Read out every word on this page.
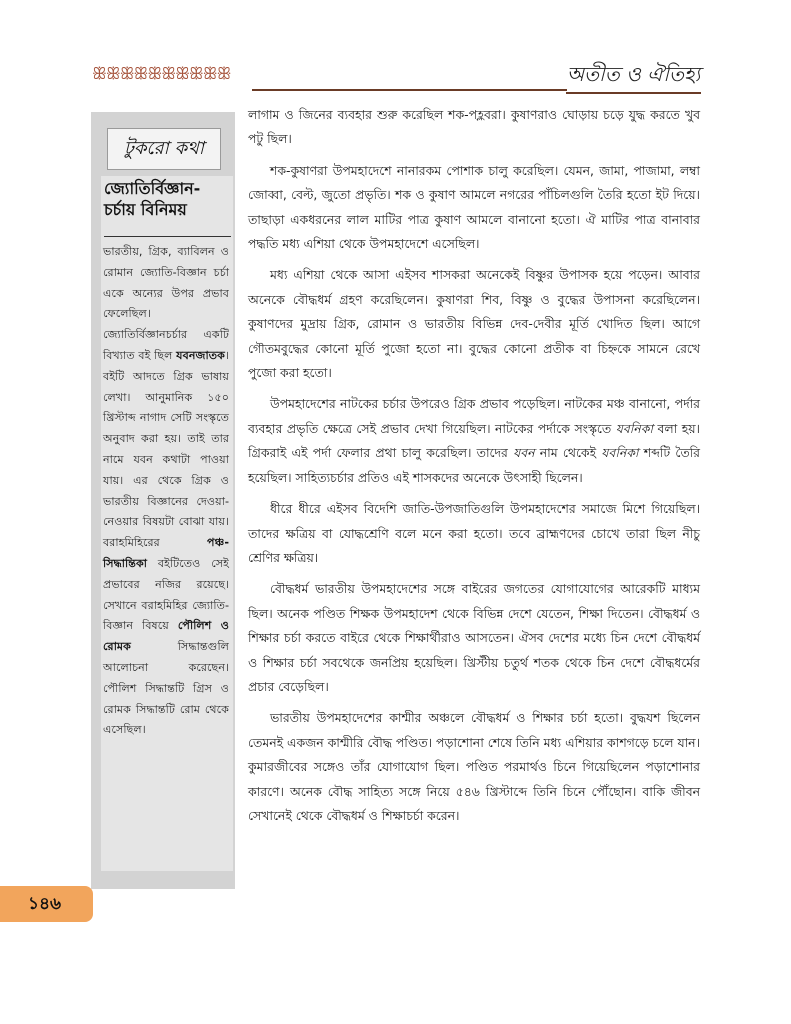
ꕥꕥꕥꕥꕥꕥꕥꕥꕥꕥ	অতীত ও ঐতিহ্য
টুকরো কথা
জ্যোতির্বিজ্ঞান-চর্চায় বিনিময়
ভারতীয়, গ্রিক, ব্যাবিলন ও রোমান জ্যোতি-বিজ্ঞান চর্চা একে অন্যের উপর প্রভাব ফেলেছিল। জ্যোতির্বিজ্ঞানচর্চার একটি বিখ্যাত বই ছিল যবনজাতক। বইটি আদতে গ্রিক ভাষায় লেখা। আনুমানিক ১৫০ খ্রিস্টাব্দ নাগাদ সেটি সংস্কৃতে অনুবাদ করা হয়। তাই তার নামে যবন কথাটা পাওয়া যায়। এর থেকে গ্রিক ও ভারতীয় বিজ্ঞানের দেওয়া-নেওয়ার বিষয়টা বোঝা যায়। বরাহমিহিরের পঞ্চ-সিদ্ধান্তিকা বইটিতেও সেই প্রভাবের নজির রয়েছে। সেখানে বরাহমিহির জ্যোতি-বিজ্ঞান বিষয়ে পৌলিশ ও রোমক সিদ্ধান্তগুলি আলোচনা করেছেন। পৌলিশ সিদ্ধান্তটি গ্রিস ও রোমক সিদ্ধান্তটি রোম থেকে এসেছিল।

লাগাম ও জিনের ব্যবহার শুরু করেছিল শক-পহ্লবরা। কুষাণরাও ঘোড়ায় চড়ে যুদ্ধ করতে খুব পটু ছিল।

শক-কুষাণরা উপমহাদেশে নানারকম পোশাক চালু করেছিল। যেমন, জামা, পাজামা, লম্বা জোব্বা, বেল্ট, জুতো প্রভৃতি। শক ও কুষাণ আমলে নগরের পাঁচিলগুলি তৈরি হতো ইট দিয়ে। তাছাড়া একধরনের লাল মাটির পাত্র কুষাণ আমলে বানানো হতো। ঐ মাটির পাত্র বানাবার পদ্ধতি মধ্য এশিয়া থেকে উপমহাদেশে এসেছিল।

মধ্য এশিয়া থেকে আসা এইসব শাসকরা অনেকেই বিষ্ণুর উপাসক হয়ে পড়েন। আবার অনেকে বৌদ্ধধর্ম গ্রহণ করেছিলেন। কুষাণরা শিব, বিষ্ণু ও বুদ্ধের উপাসনা করেছিলেন। কুষাণদের মুদ্রায় গ্রিক, রোমান ও ভারতীয় বিভিন্ন দেব-দেবীর মূর্তি খোদিত ছিল। আগে গৌতমবুদ্ধের কোনো মূর্তি পুজো হতো না। বুদ্ধের কোনো প্রতীক বা চিহ্নকে সামনে রেখে পুজো করা হতো।

উপমহাদেশের নাটকের চর্চার উপরেও গ্রিক প্রভাব পড়েছিল। নাটকের মঞ্চ বানানো, পর্দার ব্যবহার প্রভৃতি ক্ষেত্রে সেই প্রভাব দেখা গিয়েছিল। নাটকের পর্দাকে সংস্কৃতে যবনিকা বলা হয়। গ্রিকরাই এই পর্দা ফেলার প্রথা চালু করেছিল। তাদের যবন নাম থেকেই যবনিকা শব্দটি তৈরি হয়েছিল। সাহিত্যচর্চার প্রতিও এই শাসকদের অনেকে উৎসাহী ছিলেন।

ধীরে ধীরে এইসব বিদেশি জাতি-উপজাতিগুলি উপমহাদেশের সমাজে মিশে গিয়েছিল। তাদের ক্ষত্রিয় বা যোদ্ধশ্রেণি বলে মনে করা হতো। তবে ব্রাহ্মণদের চোখে তারা ছিল নীচু শ্রেণির ক্ষত্রিয়।

বৌদ্ধধর্ম ভারতীয় উপমহাদেশের সঙ্গে বাইরের জগতের যোগাযোগের আরেকটি মাধ্যম ছিল। অনেক পণ্ডিত শিক্ষক উপমহাদেশ থেকে বিভিন্ন দেশে যেতেন, শিক্ষা দিতেন। বৌদ্ধধর্ম ও শিক্ষার চর্চা করতে বাইরে থেকে শিক্ষার্থীরাও আসতেন। ঐসব দেশের মধ্যে চিন দেশে বৌদ্ধধর্ম ও শিক্ষার চর্চা সবথেকে জনপ্রিয় হয়েছিল। খ্রিস্টীয় চতুর্থ শতক থেকে চিন দেশে বৌদ্ধধর্মের প্রচার বেড়েছিল।

ভারতীয় উপমহাদেশের কাশ্মীর অঞ্চলে বৌদ্ধধর্ম ও শিক্ষার চর্চা হতো। বুদ্ধযশ ছিলেন তেমনই একজন কাশ্মীরি বৌদ্ধ পণ্ডিত। পড়াশোনা শেষে তিনি মধ্য এশিয়ার কাশগড়ে চলে যান। কুমারজীবের সঙ্গেও তাঁর যোগাযোগ ছিল। পণ্ডিত পরমার্থও চিনে গিয়েছিলেন পড়াশোনার কারণে। অনেক বৌদ্ধ সাহিত্য সঙ্গে নিয়ে ৫৪৬ খ্রিস্টাব্দে তিনি চিনে পৌঁছোন। বাকি জীবন সেখানেই থেকে বৌদ্ধধর্ম ও শিক্ষাচর্চা করেন।

১৪৬
